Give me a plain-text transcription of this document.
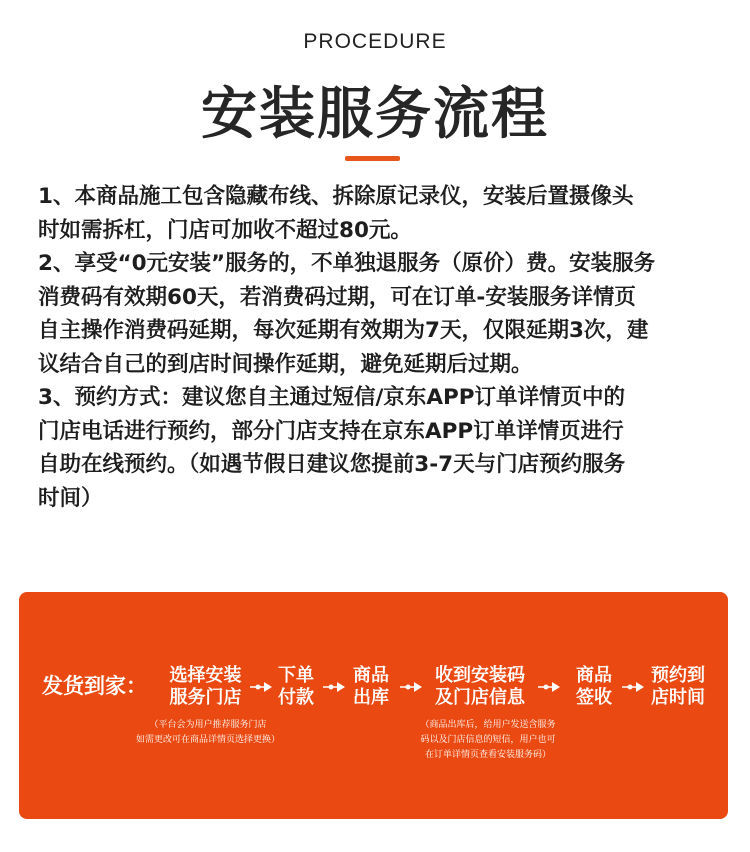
PROCEDURE
安装服务流程

1、本商品施工包含隐藏布线、拆除原记录仪，安装后置摄像头

时如需拆杠，门店可加收不超过80元。

2、享受“0元安装”服务的，不单独退服务（原价）费。安装服务

消费码有效期60天，若消费码过期，可在订单-安装服务详情页

自主操作消费码延期，每次延期有效期为7天，仅限延期3次，建

议结合自己的到店时间操作延期，避免延期后过期。

3、预约方式：建议您自主通过短信/京东APP订单详情页中的

门店电话进行预约，部分门店支持在京东APP订单详情页进行

自助在线预约。（如遇节假日建议您提前3-7天与门店预约服务

时间）

发货到家：	选择安装
服务门店
下单
付款
商品
出库
收到安装码
及门店信息
商品
签收
预约到
店时间
（平台会为用户推荐服务门店
如需更改可在商品详情页选择更换）
（商品出库后，给用户发送含服务
码以及门店信息的短信，用户也可
在订单详情页查看安装服务码）
